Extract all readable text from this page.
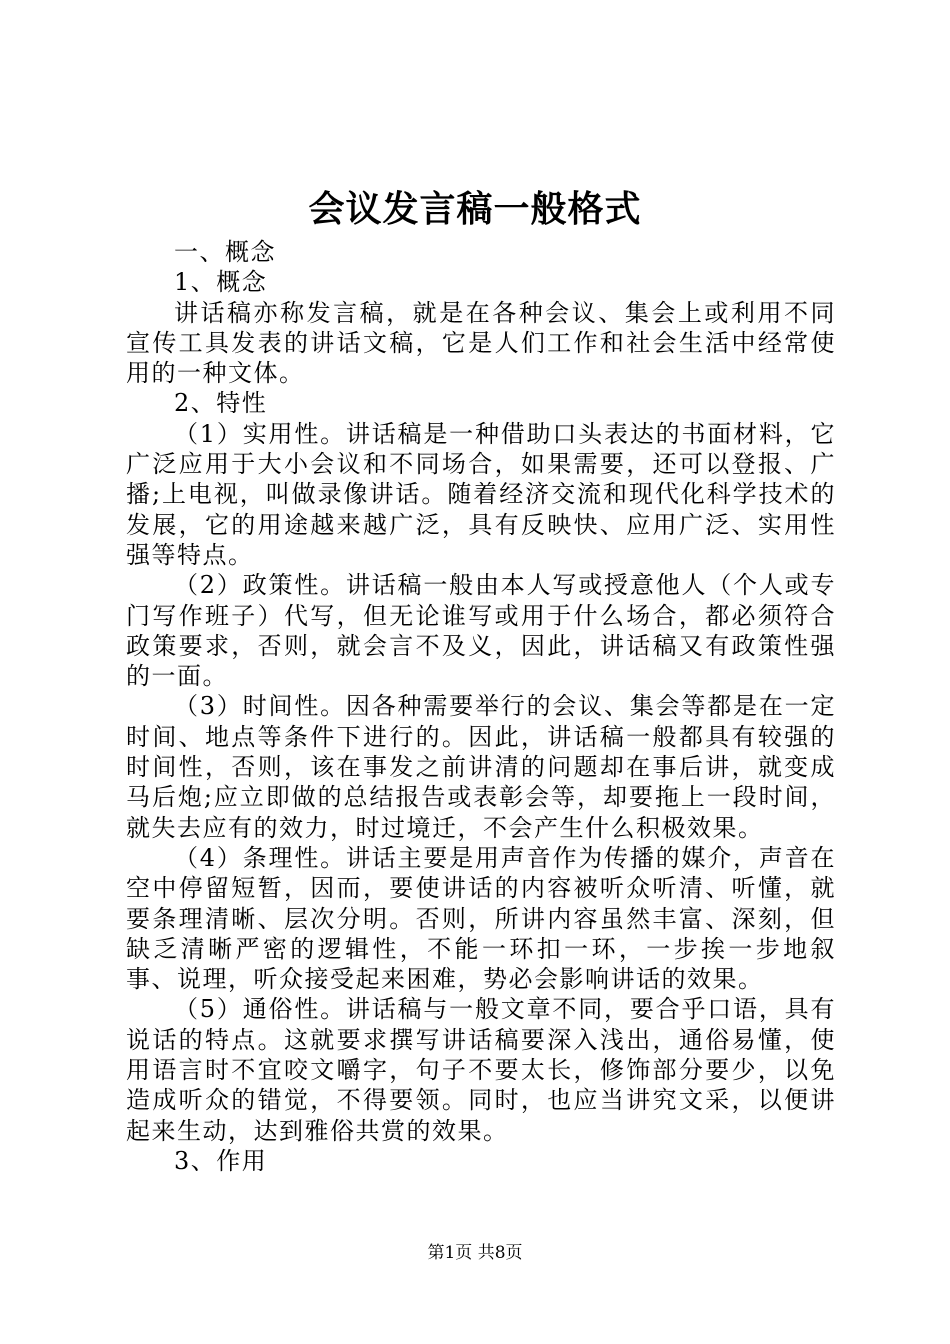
会议发言稿一般格式
一、概念
1、概念
讲话稿亦称发言稿，就是在各种会议、集会上或利用不同宣传工具发表的讲话文稿，它是人们工作和社会生活中经常使用的一种文体。
2、特性
（1）实用性。讲话稿是一种借助口头表达的书面材料，它广泛应用于大小会议和不同场合，如果需要，还可以登报、广播;上电视，叫做录像讲话。随着经济交流和现代化科学技术的发展，它的用途越来越广泛，具有反映快、应用广泛、实用性强等特点。
（2）政策性。讲话稿一般由本人写或授意他人（个人或专门写作班子）代写，但无论谁写或用于什么场合，都必须符合政策要求，否则，就会言不及义，因此，讲话稿又有政策性强的一面。
（3）时间性。因各种需要举行的会议、集会等都是在一定时间、地点等条件下进行的。因此，讲话稿一般都具有较强的时间性，否则，该在事发之前讲清的问题却在事后讲，就变成马后炮;应立即做的总结报告或表彰会等，却要拖上一段时间，就失去应有的效力，时过境迁，不会产生什么积极效果。
（4）条理性。讲话主要是用声音作为传播的媒介，声音在空中停留短暂，因而，要使讲话的内容被听众听清、听懂，就要条理清晰、层次分明。否则，所讲内容虽然丰富、深刻，但缺乏清晰严密的逻辑性，不能一环扣一环，一步挨一步地叙事、说理，听众接受起来困难，势必会影响讲话的效果。
（5）通俗性。讲话稿与一般文章不同，要合乎口语，具有说话的特点。这就要求撰写讲话稿要深入浅出，通俗易懂，使用语言时不宜咬文嚼字，句子不要太长，修饰部分要少，以免造成听众的错觉，不得要领。同时，也应当讲究文采，以便讲起来生动，达到雅俗共赏的效果。
3、作用
第1页 共8页
